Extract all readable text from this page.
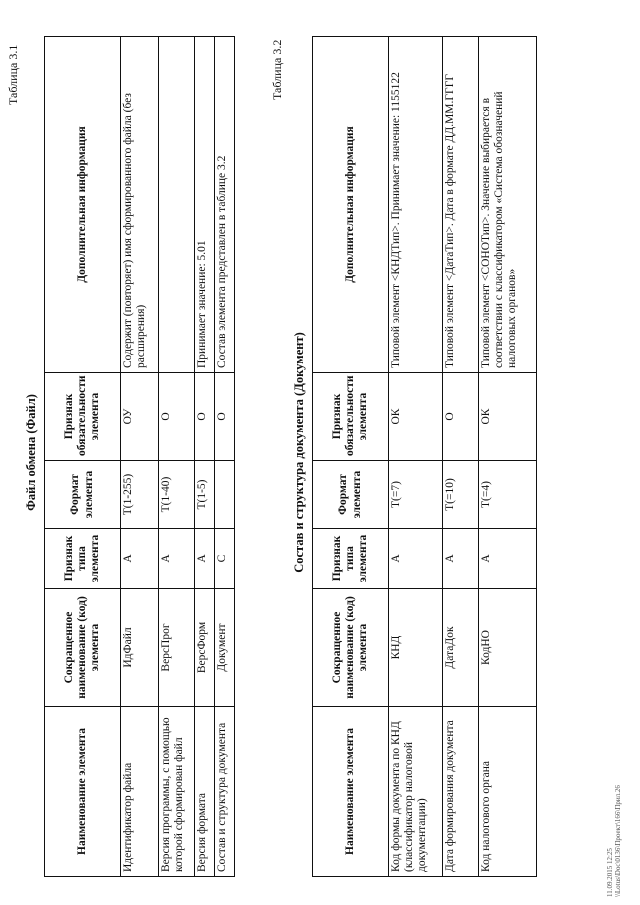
Таблица 3.1
Файл обмена (Файл)
Наименование элемента	Сокращенное наименование (код) элемента	Признак типа элемента	Формат элемента	Признак обязательности элемента	Дополнительная информация
Идентификатор файла	ИдФайл	А	T(1-255)	ОУ	Содержит (повторяет) имя сформированного файла (без расширения)
Версия программы, с помощью которой сформирован файл	ВерсПрог	А	T(1-40)	О	
Версия формата	ВерсФорм	А	T(1-5)	О	Принимает значение: 5.01
Состав и структура документа	Документ	С		О	Состав элемента представлен в таблице 3.2
Таблица 3.2
Состав и структура документа (Документ)
Наименование элемента	Сокращенное наименование (код) элемента	Признак типа элемента	Формат элемента	Признак обязательности элемента	Дополнительная информация
Код формы документа по КНД (классификатор налоговой документации)	КНД	А	T(=7)	ОК	Типовой элемент <КНДТип>. Принимает значение: 1155122
Дата формирования документа	ДатаДок	А	T(=10)	О	Типовой элемент <ДатаТип>. Дата в формате ДД.ММ.ГГГГ
Код налогового органа	КодНО	А	T(=4)	ОК	Типовой элемент <СОНОТип>. Значение выбирается в соответствии с классификатором «Система обозначений налоговых органов»
11.09.2015 12:25 \\Lotus\Doc\0136\Проект\166\Прил.26
